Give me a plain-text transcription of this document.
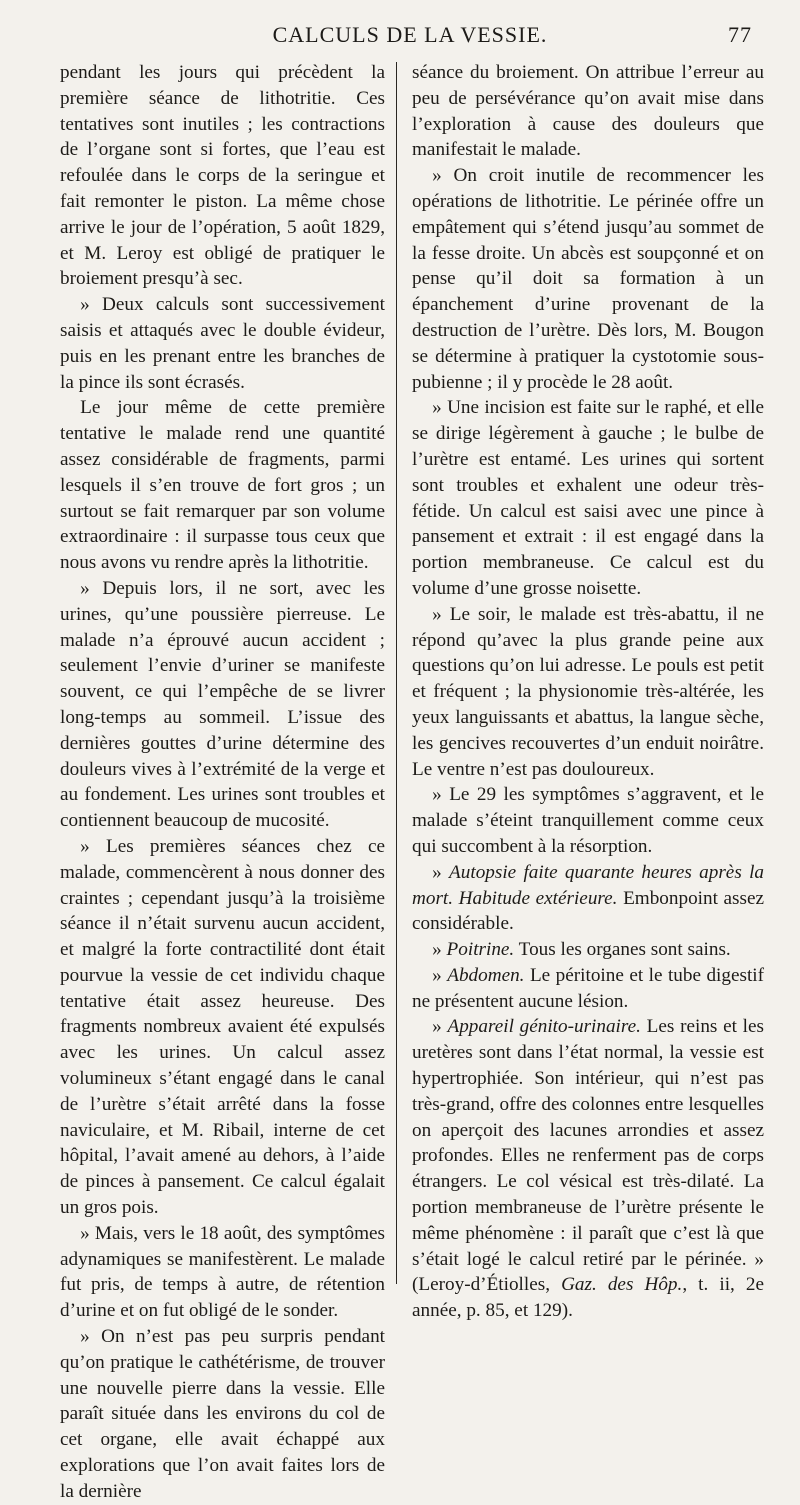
CALCULS DE LA VESSIE.	77

pendant les jours qui précèdent la première séance de lithotritie. Ces tentatives sont inutiles ; les contractions de l’organe sont si fortes, que l’eau est refoulée dans le corps de la seringue et fait remonter le piston. La même chose arrive le jour de l’opération, 5 août 1829, et M. Leroy est obligé de pratiquer le broiement presqu’à sec.

» Deux calculs sont successivement saisis et attaqués avec le double évideur, puis en les prenant entre les branches de la pince ils sont écrasés.

Le jour même de cette première tentative le malade rend une quantité assez considérable de fragments, parmi lesquels il s’en trouve de fort gros ; un surtout se fait remarquer par son volume extraordinaire : il surpasse tous ceux que nous avons vu rendre après la lithotritie.

» Depuis lors, il ne sort, avec les urines, qu’une poussière pierreuse. Le malade n’a éprouvé aucun accident ; seulement l’envie d’uriner se manifeste souvent, ce qui l’empêche de se livrer long-temps au sommeil. L’issue des dernières gouttes d’urine détermine des douleurs vives à l’extrémité de la verge et au fondement. Les urines sont troubles et contiennent beaucoup de mucosité.

» Les premières séances chez ce malade, commencèrent à nous donner des craintes ; cependant jusqu’à la troisième séance il n’était survenu aucun accident, et malgré la forte contractilité dont était pourvue la vessie de cet individu chaque tentative était assez heureuse. Des fragments nombreux avaient été expulsés avec les urines. Un calcul assez volumineux s’étant engagé dans le canal de l’urètre s’était arrêté dans la fosse naviculaire, et M. Ribail, interne de cet hôpital, l’avait amené au dehors, à l’aide de pinces à pansement. Ce calcul égalait un gros pois.

» Mais, vers le 18 août, des symptômes adynamiques se manifestèrent. Le malade fut pris, de temps à autre, de rétention d’urine et on fut obligé de le sonder.

» On n’est pas peu surpris pendant qu’on pratique le cathétérisme, de trouver une nouvelle pierre dans la vessie. Elle paraît située dans les environs du col de cet organe, elle avait échappé aux explorations que l’on avait faites lors de la dernière

séance du broiement. On attribue l’erreur au peu de persévérance qu’on avait mise dans l’exploration à cause des douleurs que manifestait le malade.

» On croit inutile de recommencer les opérations de lithotritie. Le périnée offre un empâtement qui s’étend jusqu’au sommet de la fesse droite. Un abcès est soupçonné et on pense qu’il doit sa formation à un épanchement d’urine provenant de la destruction de l’urètre. Dès lors, M. Bougon se détermine à pratiquer la cystotomie sous-pubienne ; il y procède le 28 août.

» Une incision est faite sur le raphé, et elle se dirige légèrement à gauche ; le bulbe de l’urètre est entamé. Les urines qui sortent sont troubles et exhalent une odeur très-fétide. Un calcul est saisi avec une pince à pansement et extrait : il est engagé dans la portion membraneuse. Ce calcul est du volume d’une grosse noisette.

» Le soir, le malade est très-abattu, il ne répond qu’avec la plus grande peine aux questions qu’on lui adresse. Le pouls est petit et fréquent ; la physionomie très-altérée, les yeux languissants et abattus, la langue sèche, les gencives recouvertes d’un enduit noirâtre. Le ventre n’est pas douloureux.

» Le 29 les symptômes s’aggravent, et le malade s’éteint tranquillement comme ceux qui succombent à la résorption.

» Autopsie faite quarante heures après la mort. Habitude extérieure. Embonpoint assez considérable.

» Poitrine. Tous les organes sont sains.

» Abdomen. Le péritoine et le tube digestif ne présentent aucune lésion.

» Appareil génito-urinaire. Les reins et les uretères sont dans l’état normal, la vessie est hypertrophiée. Son intérieur, qui n’est pas très-grand, offre des colonnes entre lesquelles on aperçoit des lacunes arrondies et assez profondes. Elles ne renferment pas de corps étrangers. Le col vésical est très-dilaté. La portion membraneuse de l’urètre présente le même phénomène : il paraît que c’est là que s’était logé le calcul retiré par le périnée. » (Leroy-d’Étiolles, Gaz. des Hôp., t. ii, 2e année, p. 85, et 129).
